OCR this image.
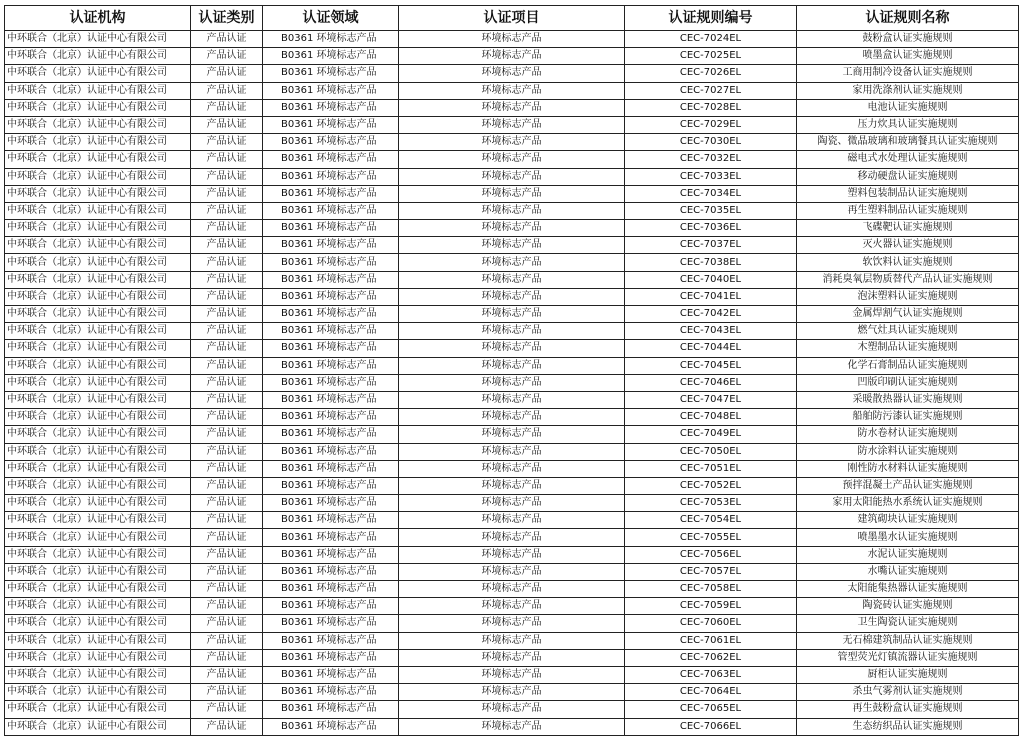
认证机构	认证类别	认证领域	认证项目	认证规则编号	认证规则名称
中环联合（北京）认证中心有限公司	产品认证	B0361 环境标志产品	环境标志产品	CEC-7024EL	鼓粉盒认证实施规则
中环联合（北京）认证中心有限公司	产品认证	B0361 环境标志产品	环境标志产品	CEC-7025EL	喷墨盒认证实施规则
中环联合（北京）认证中心有限公司	产品认证	B0361 环境标志产品	环境标志产品	CEC-7026EL	工商用制冷设备认证实施规则
中环联合（北京）认证中心有限公司	产品认证	B0361 环境标志产品	环境标志产品	CEC-7027EL	家用洗涤剂认证实施规则
中环联合（北京）认证中心有限公司	产品认证	B0361 环境标志产品	环境标志产品	CEC-7028EL	电池认证实施规则
中环联合（北京）认证中心有限公司	产品认证	B0361 环境标志产品	环境标志产品	CEC-7029EL	压力炊具认证实施规则
中环联合（北京）认证中心有限公司	产品认证	B0361 环境标志产品	环境标志产品	CEC-7030EL	陶瓷、微晶玻璃和玻璃餐具认证实施规则
中环联合（北京）认证中心有限公司	产品认证	B0361 环境标志产品	环境标志产品	CEC-7032EL	磁电式水处理认证实施规则
中环联合（北京）认证中心有限公司	产品认证	B0361 环境标志产品	环境标志产品	CEC-7033EL	移动硬盘认证实施规则
中环联合（北京）认证中心有限公司	产品认证	B0361 环境标志产品	环境标志产品	CEC-7034EL	塑料包装制品认证实施规则
中环联合（北京）认证中心有限公司	产品认证	B0361 环境标志产品	环境标志产品	CEC-7035EL	再生塑料制品认证实施规则
中环联合（北京）认证中心有限公司	产品认证	B0361 环境标志产品	环境标志产品	CEC-7036EL	飞碟靶认证实施规则
中环联合（北京）认证中心有限公司	产品认证	B0361 环境标志产品	环境标志产品	CEC-7037EL	灭火器认证实施规则
中环联合（北京）认证中心有限公司	产品认证	B0361 环境标志产品	环境标志产品	CEC-7038EL	软饮料认证实施规则
中环联合（北京）认证中心有限公司	产品认证	B0361 环境标志产品	环境标志产品	CEC-7040EL	消耗臭氧层物质替代产品认证实施规则
中环联合（北京）认证中心有限公司	产品认证	B0361 环境标志产品	环境标志产品	CEC-7041EL	泡沫塑料认证实施规则
中环联合（北京）认证中心有限公司	产品认证	B0361 环境标志产品	环境标志产品	CEC-7042EL	金属焊割气认证实施规则
中环联合（北京）认证中心有限公司	产品认证	B0361 环境标志产品	环境标志产品	CEC-7043EL	燃气灶具认证实施规则
中环联合（北京）认证中心有限公司	产品认证	B0361 环境标志产品	环境标志产品	CEC-7044EL	木塑制品认证实施规则
中环联合（北京）认证中心有限公司	产品认证	B0361 环境标志产品	环境标志产品	CEC-7045EL	化学石膏制品认证实施规则
中环联合（北京）认证中心有限公司	产品认证	B0361 环境标志产品	环境标志产品	CEC-7046EL	凹版印刷认证实施规则
中环联合（北京）认证中心有限公司	产品认证	B0361 环境标志产品	环境标志产品	CEC-7047EL	采暖散热器认证实施规则
中环联合（北京）认证中心有限公司	产品认证	B0361 环境标志产品	环境标志产品	CEC-7048EL	船舶防污漆认证实施规则
中环联合（北京）认证中心有限公司	产品认证	B0361 环境标志产品	环境标志产品	CEC-7049EL	防水卷材认证实施规则
中环联合（北京）认证中心有限公司	产品认证	B0361 环境标志产品	环境标志产品	CEC-7050EL	防水涂料认证实施规则
中环联合（北京）认证中心有限公司	产品认证	B0361 环境标志产品	环境标志产品	CEC-7051EL	刚性防水材料认证实施规则
中环联合（北京）认证中心有限公司	产品认证	B0361 环境标志产品	环境标志产品	CEC-7052EL	预拌混凝土产品认证实施规则
中环联合（北京）认证中心有限公司	产品认证	B0361 环境标志产品	环境标志产品	CEC-7053EL	家用太阳能热水系统认证实施规则
中环联合（北京）认证中心有限公司	产品认证	B0361 环境标志产品	环境标志产品	CEC-7054EL	建筑砌块认证实施规则
中环联合（北京）认证中心有限公司	产品认证	B0361 环境标志产品	环境标志产品	CEC-7055EL	喷墨墨水认证实施规则
中环联合（北京）认证中心有限公司	产品认证	B0361 环境标志产品	环境标志产品	CEC-7056EL	水泥认证实施规则
中环联合（北京）认证中心有限公司	产品认证	B0361 环境标志产品	环境标志产品	CEC-7057EL	水嘴认证实施规则
中环联合（北京）认证中心有限公司	产品认证	B0361 环境标志产品	环境标志产品	CEC-7058EL	太阳能集热器认证实施规则
中环联合（北京）认证中心有限公司	产品认证	B0361 环境标志产品	环境标志产品	CEC-7059EL	陶瓷砖认证实施规则
中环联合（北京）认证中心有限公司	产品认证	B0361 环境标志产品	环境标志产品	CEC-7060EL	卫生陶瓷认证实施规则
中环联合（北京）认证中心有限公司	产品认证	B0361 环境标志产品	环境标志产品	CEC-7061EL	无石棉建筑制品认证实施规则
中环联合（北京）认证中心有限公司	产品认证	B0361 环境标志产品	环境标志产品	CEC-7062EL	管型荧光灯镇流器认证实施规则
中环联合（北京）认证中心有限公司	产品认证	B0361 环境标志产品	环境标志产品	CEC-7063EL	厨柜认证实施规则
中环联合（北京）认证中心有限公司	产品认证	B0361 环境标志产品	环境标志产品	CEC-7064EL	杀虫气雾剂认证实施规则
中环联合（北京）认证中心有限公司	产品认证	B0361 环境标志产品	环境标志产品	CEC-7065EL	再生鼓粉盒认证实施规则
中环联合（北京）认证中心有限公司	产品认证	B0361 环境标志产品	环境标志产品	CEC-7066EL	生态纺织品认证实施规则
